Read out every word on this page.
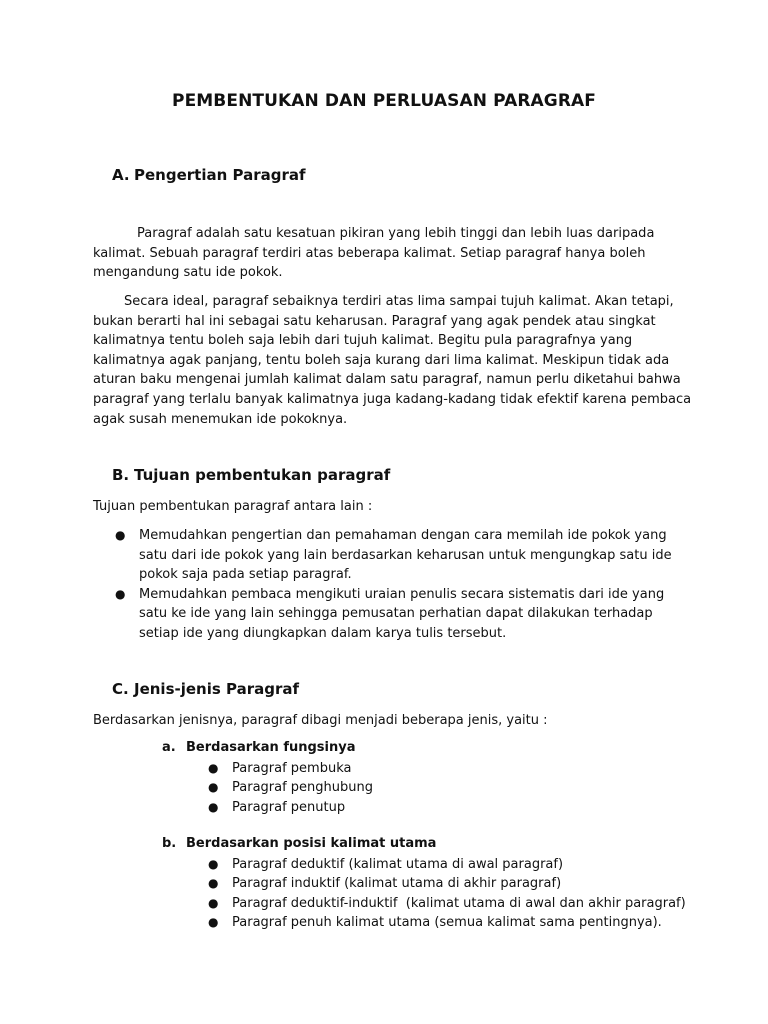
PEMBENTUKAN DAN PERLUASAN PARAGRAF
A. Pengertian Paragraf

Paragraf adalah satu kesatuan pikiran yang lebih tinggi dan lebih luas daripada kalimat. Sebuah paragraf terdiri atas beberapa kalimat. Setiap paragraf hanya boleh mengandung satu ide pokok.

Secara ideal, paragraf sebaiknya terdiri atas lima sampai tujuh kalimat. Akan tetapi, bukan berarti hal ini sebagai satu keharusan. Paragraf yang agak pendek atau singkat kalimatnya tentu boleh saja lebih dari tujuh kalimat. Begitu pula paragrafnya yang kalimatnya agak panjang, tentu boleh saja kurang dari lima kalimat. Meskipun tidak ada aturan baku mengenai jumlah kalimat dalam satu paragraf, namun perlu diketahui bahwa paragraf yang terlalu banyak kalimatnya juga kadang-kadang tidak efektif karena pembaca agak susah menemukan ide pokoknya.

B. Tujuan pembentukan paragraf

Tujuan pembentukan paragraf antara lain :

● Memudahkan pengertian dan pemahaman dengan cara memilah ide pokok yang satu dari ide pokok yang lain berdasarkan keharusan untuk mengungkap satu ide pokok saja pada setiap paragraf.
● Memudahkan pembaca mengikuti uraian penulis secara sistematis dari ide yang satu ke ide yang lain sehingga pemusatan perhatian dapat dilakukan terhadap setiap ide yang diungkapkan dalam karya tulis tersebut.
C. Jenis-jenis Paragraf

Berdasarkan jenisnya, paragraf dibagi menjadi beberapa jenis, yaitu :

a. Berdasarkan fungsinya
● Paragraf pembuka
● Paragraf penghubung
● Paragraf penutup
b. Berdasarkan posisi kalimat utama
● Paragraf deduktif (kalimat utama di awal paragraf)
● Paragraf induktif (kalimat utama di akhir paragraf)
● Paragraf deduktif-induktif  (kalimat utama di awal dan akhir paragraf)
● Paragraf penuh kalimat utama (semua kalimat sama pentingnya).
